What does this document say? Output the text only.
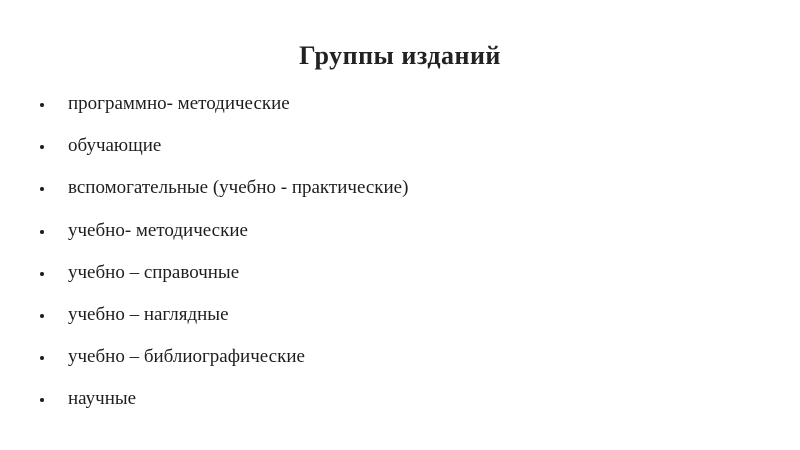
Группы изданий
программно- методические
обучающие
вспомогательные (учебно - практические)
учебно- методические
учебно – справочные
учебно – наглядные
учебно – библиографические
научные
